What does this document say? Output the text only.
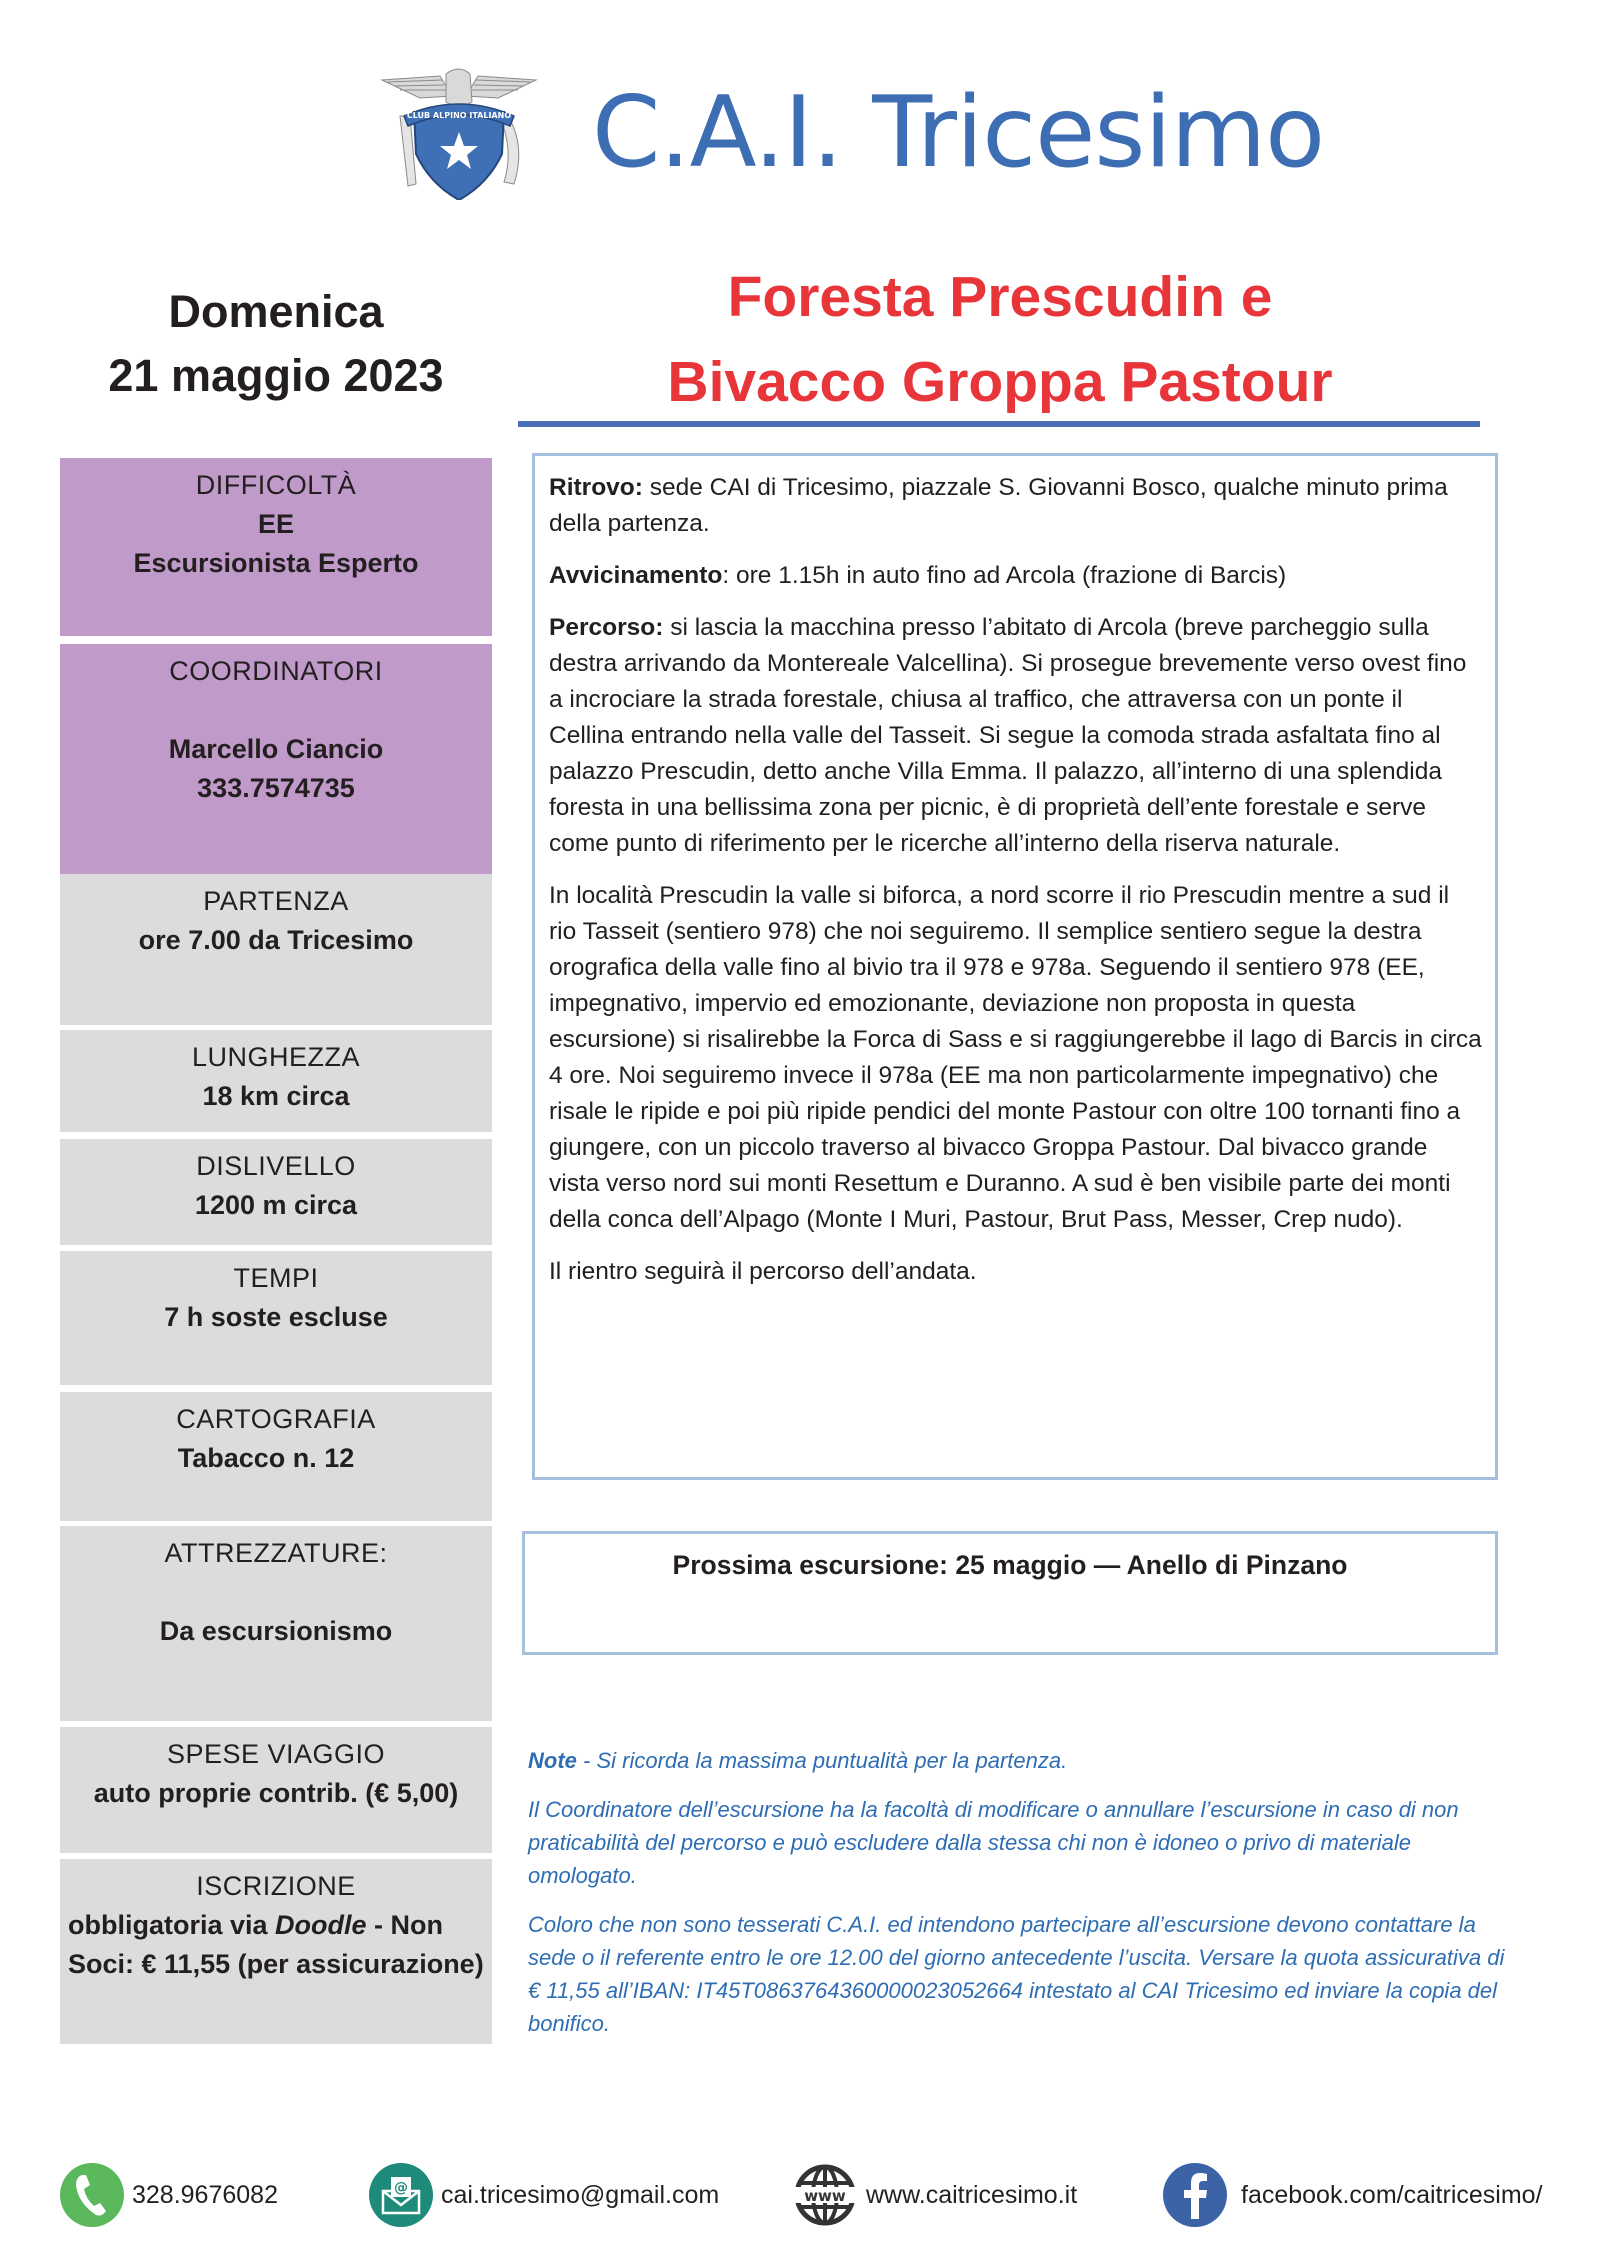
CLUB ALPINO ITALIANO C.A.I. Tricesimo
Domenica
21 maggio 2023
Foresta Prescudin e
Bivacco Groppa Pastour
DIFFICOLTÀ
EE
Escursionista Esperto
COORDINATORI
Marcello Ciancio
333.7574735
PARTENZA
ore 7.00 da Tricesimo
LUNGHEZZA
18 km circa
DISLIVELLO
1200 m circa
TEMPI
7 h soste escluse
CARTOGRAFIA
Tabacco n. 12
ATTREZZATURE:
Da escursionismo
SPESE VIAGGIO
auto proprie contrib. (€ 5,00)
ISCRIZIONE
obbligatoria via Doodle - Non Soci: € 11,55 (per assicurazione)

Ritrovo: sede CAI di Tricesimo, piazzale S. Giovanni Bosco, qualche minuto prima della partenza.

Avvicinamento: ore 1.15h in auto fino ad Arcola (frazione di Barcis)

Percorso: si lascia la macchina presso l’abitato di Arcola (breve parcheggio sulla destra arrivando da Montereale Valcellina). Si prosegue brevemente verso ovest fino a incrociare la strada forestale, chiusa al traffico, che attraversa con un ponte il Cellina entrando nella valle del Tasseit. Si segue la comoda strada asfaltata fino al palazzo Prescudin, detto anche Villa Emma. Il palazzo, all’interno di una splendida foresta in una bellissima zona per picnic, è di proprietà dell’ente forestale e serve come punto di riferimento per le ricerche all’interno della riserva naturale.

In località Prescudin la valle si biforca, a nord scorre il rio Prescudin mentre a sud il rio Tasseit (sentiero 978) che noi seguiremo. Il semplice sentiero segue la destra orografica della valle fino al bivio tra il 978 e 978a. Seguendo il sentiero 978 (EE, impegnativo, impervio ed emozionante, deviazione non proposta in questa escursione) si risalirebbe la Forca di Sass e si raggiungerebbe il lago di Barcis in circa 4 ore. Noi seguiremo invece il 978a (EE ma non particolarmente impegnativo) che risale le ripide e poi più ripide pendici del monte Pastour con oltre 100 tornanti fino a giungere, con un piccolo traverso al bivacco Groppa Pastour. Dal bivacco grande vista verso nord sui monti Resettum e Duranno. A sud è ben visibile parte dei monti della conca dell’Alpago (Monte I Muri, Pastour, Brut Pass, Messer, Crep nudo).

Il rientro seguirà il percorso dell’andata.

Prossima escursione: 25 maggio — Anello di Pinzano

Note - Si ricorda la massima puntualità per la partenza.

Il Coordinatore dell’escursione ha la facoltà di modificare o annullare l’escursione in caso di non praticabilità del percorso e può escludere dalla stessa chi non è idoneo o privo di materiale omologato.

Coloro che non sono tesserati C.A.I. ed intendono partecipare all’escursione devono contattare la sede o il referente entro le ore 12.00 del giorno antecedente l’uscita. Versare la quota assicurativa di € 11,55 all’IBAN: IT45T0863764360000023052664 intestato al CAI Tricesimo ed inviare la copia del bonifico.

328.9676082	@ cai.tricesimo@gmail.com	www www.caitricesimo.it	facebook.com/caitricesimo/
